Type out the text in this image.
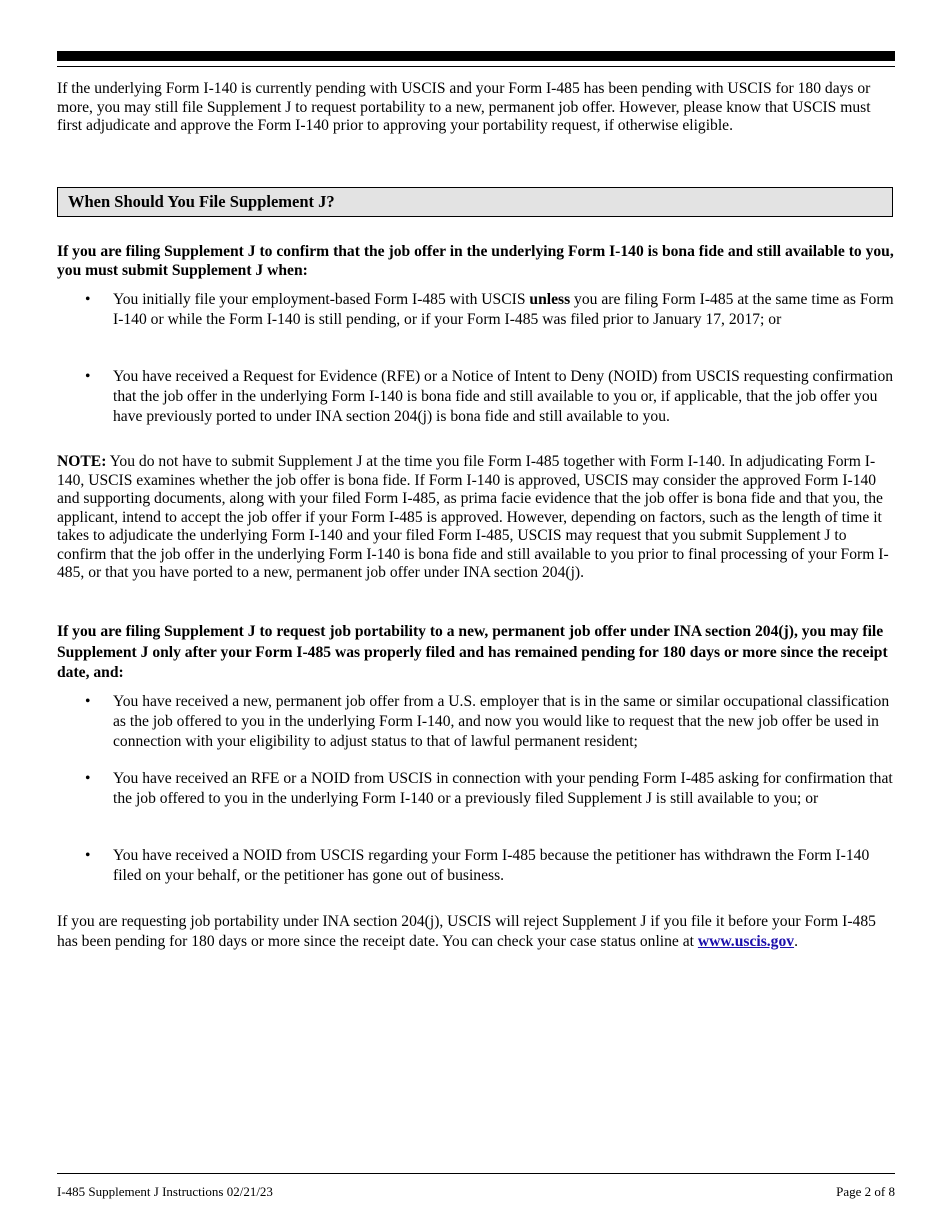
If the underlying Form I-140 is currently pending with USCIS and your Form I-485 has been pending with USCIS for 180 days or more, you may still file Supplement J to request portability to a new, permanent job offer. However, please know that USCIS must first adjudicate and approve the Form I-140 prior to approving your portability request, if otherwise eligible.

When Should You File Supplement J?

If you are filing Supplement J to confirm that the job offer in the underlying Form I-140 is bona fide and still available to you, you must submit Supplement J when:

• You initially file your employment-based Form I-485 with USCIS unless you are filing Form I-485 at the same time as Form I-140 or while the Form I-140 is still pending, or if your Form I-485 was filed prior to January 17, 2017; or
• You have received a Request for Evidence (RFE) or a Notice of Intent to Deny (NOID) from USCIS requesting confirmation that the job offer in the underlying Form I-140 is bona fide and still available to you or, if applicable, that the job offer you have previously ported to under INA section 204(j) is bona fide and still available to you.

NOTE: You do not have to submit Supplement J at the time you file Form I-485 together with Form I-140. In adjudicating Form I-140, USCIS examines whether the job offer is bona fide. If Form I-140 is approved, USCIS may consider the approved Form I-140 and supporting documents, along with your filed Form I-485, as prima facie evidence that the job offer is bona fide and that you, the applicant, intend to accept the job offer if your Form I-485 is approved. However, depending on factors, such as the length of time it takes to adjudicate the underlying Form I-140 and your filed Form I-485, USCIS may request that you submit Supplement J to confirm that the job offer in the underlying Form I-140 is bona fide and still available to you prior to final processing of your Form I-485, or that you have ported to a new, permanent job offer under INA section 204(j).

If you are filing Supplement J to request job portability to a new, permanent job offer under INA section 204(j), you may file Supplement J only after your Form I-485 was properly filed and has remained pending for 180 days or more since the receipt date, and:

• You have received a new, permanent job offer from a U.S. employer that is in the same or similar occupational classification as the job offered to you in the underlying Form I-140, and now you would like to request that the new job offer be used in connection with your eligibility to adjust status to that of lawful permanent resident;
• You have received an RFE or a NOID from USCIS in connection with your pending Form I-485 asking for confirmation that the job offered to you in the underlying Form I-140 or a previously filed Supplement J is still available to you; or
• You have received a NOID from USCIS regarding your Form I-485 because the petitioner has withdrawn the Form I-140 filed on your behalf, or the petitioner has gone out of business.

If you are requesting job portability under INA section 204(j), USCIS will reject Supplement J if you file it before your Form I-485 has been pending for 180 days or more since the receipt date. You can check your case status online at www.uscis.gov.

I-485 Supplement J Instructions 02/21/23	Page 2 of 8
